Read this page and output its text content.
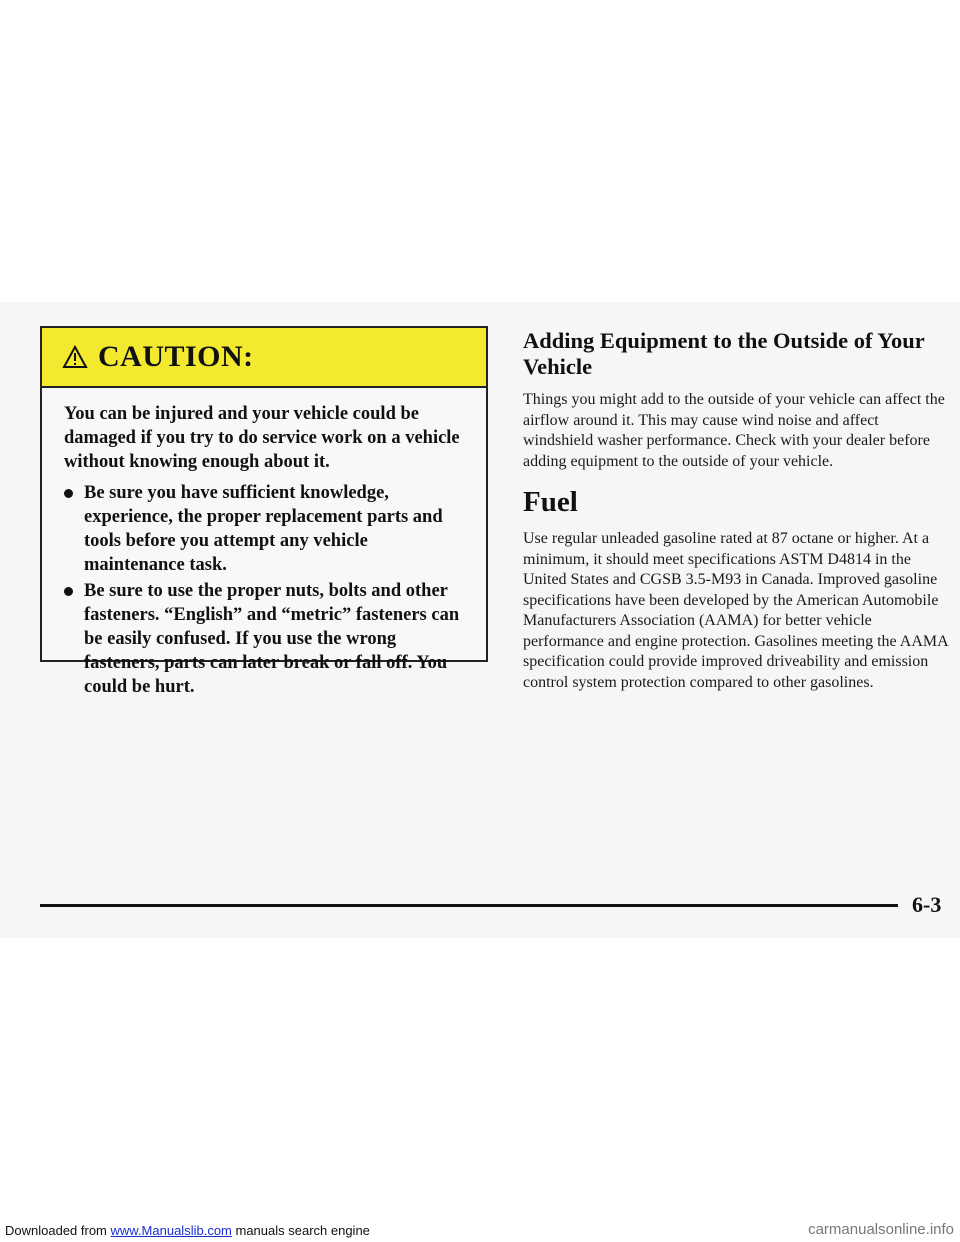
CAUTION:

You can be injured and your vehicle could be damaged if you try to do service work on a vehicle without knowing enough about it.

Be sure you have sufficient knowledge, experience, the proper replacement parts and tools before you attempt any vehicle maintenance task.
Be sure to use the proper nuts, bolts and other fasteners. “English” and “metric” fasteners can be easily confused. If you use the wrong fasteners, parts can later break or fall off. You could be hurt.
Adding Equipment to the Outside of Your Vehicle

Things you might add to the outside of your vehicle can affect the airflow around it. This may cause wind noise and affect windshield washer performance. Check with your dealer before adding equipment to the outside of your vehicle.

Fuel

Use regular unleaded gasoline rated at 87 octane or higher. At a minimum, it should meet specifications ASTM D4814 in the United States and CGSB 3.5-M93 in Canada. Improved gasoline specifications have been developed by the American Automobile Manufacturers Association (AAMA) for better vehicle performance and engine protection. Gasolines meeting the AAMA specification could provide improved driveability and emission control system protection compared to other gasolines.

6-3
Downloaded from www.Manualslib.com manuals search engine	carmanualsonline.info
